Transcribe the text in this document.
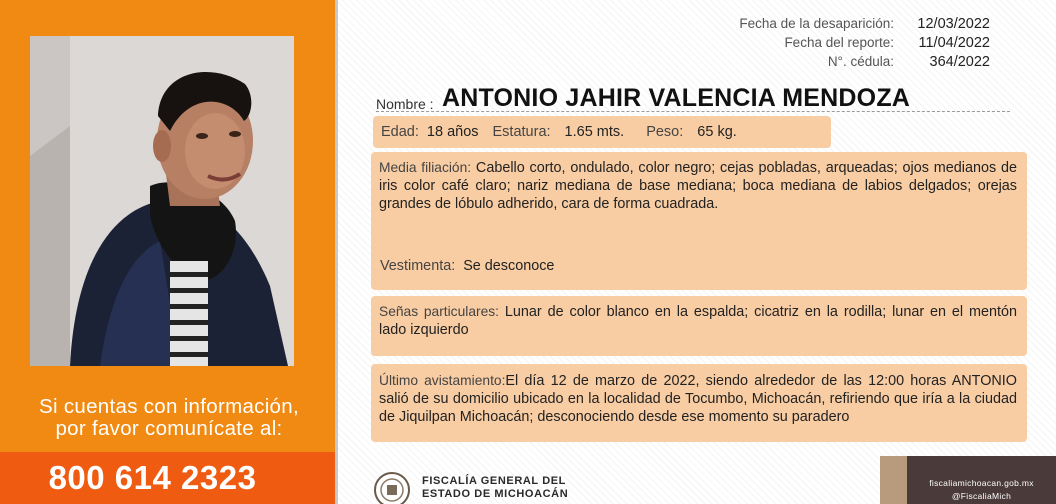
Si cuentas con información,
por favor comunícate al:
800 614 2323
Fecha de la desaparición:	12/03/2022
Fecha del reporte:	11/04/2022
N°. cédula:	364/2022
Nombre : ANTONIO JAHIR VALENCIA MENDOZA
Edad: 18 años Estatura: 1.65 mts. Peso: 65 kg.
Media filiación: Cabello corto, ondulado, color negro; cejas pobladas, arqueadas; ojos medianos de iris color café claro; nariz mediana de base mediana; boca mediana de labios delgados; orejas grandes de lóbulo adherido, cara de forma cuadrada.
Vestimenta: Se desconoce
Señas particulares: Lunar de color blanco en la espalda; cicatriz en la rodilla; lunar en el mentón lado izquierdo
Último avistamiento:El día 12 de marzo de 2022, siendo alrededor de las 12:00 horas ANTONIO salió de su domicilio ubicado en la localidad de Tocumbo, Michoacán, refiriendo que iría a la ciudad de Jiquilpan Michoacán; desconociendo desde ese momento su paradero
FISCALÍA GENERAL DEL
ESTADO DE MICHOACÁN
fiscaliamichoacan.gob.mx
@FiscaliaMich
